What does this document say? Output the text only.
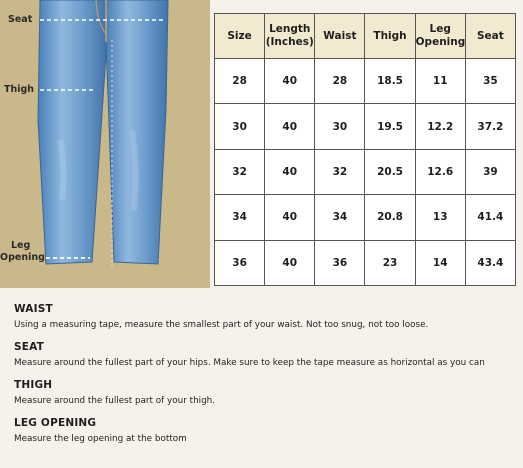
Seat
Thigh
Leg
Opening
Size	Length (Inches)	Waist	Thigh	Leg Opening	Seat
28	40	28	18.5	11	35
30	40	30	19.5	12.2	37.2
32	40	32	20.5	12.6	39
34	40	34	20.8	13	41.4
36	40	36	23	14	43.4
WAIST

Using a measuring tape, measure the smallest part of your waist. Not too snug, not too loose.

SEAT

Measure around the fullest part of your hips. Make sure to keep the tape measure as horizontal as you can

THIGH

Measure around the fullest part of your thigh.

LEG OPENING

Measure the leg opening at the bottom
